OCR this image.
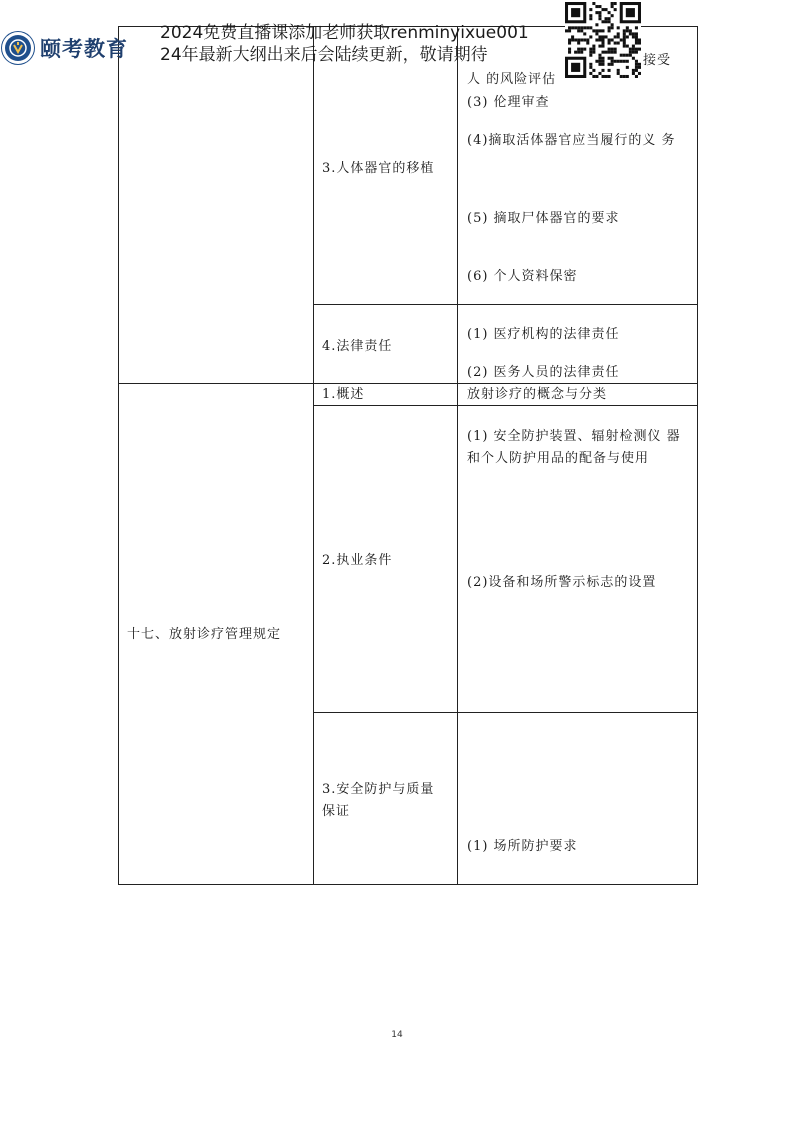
3.人体器官的移植
人 的风险评估
接受
(3) 伦理审查
(4)摘取活体器官应当履行的义 务
(5) 摘取尸体器官的要求
(6) 个人资料保密
4.法律责任
(1) 医疗机构的法律责任
(2) 医务人员的法律责任
十七、放射诊疗管理规定
1.概述	放射诊疗的概念与分类
2.执业条件
(1) 安全防护装置、辐射检测仪 器和个人防护用品的配备与使用
(2)设备和场所警示标志的设置
3.安全防护与质量 保证
(1) 场所防护要求
颐考教育
2024免费直播课添加老师获取renminyixue001
24年最新大纲出来后会陆续更新，敬请期待
14
